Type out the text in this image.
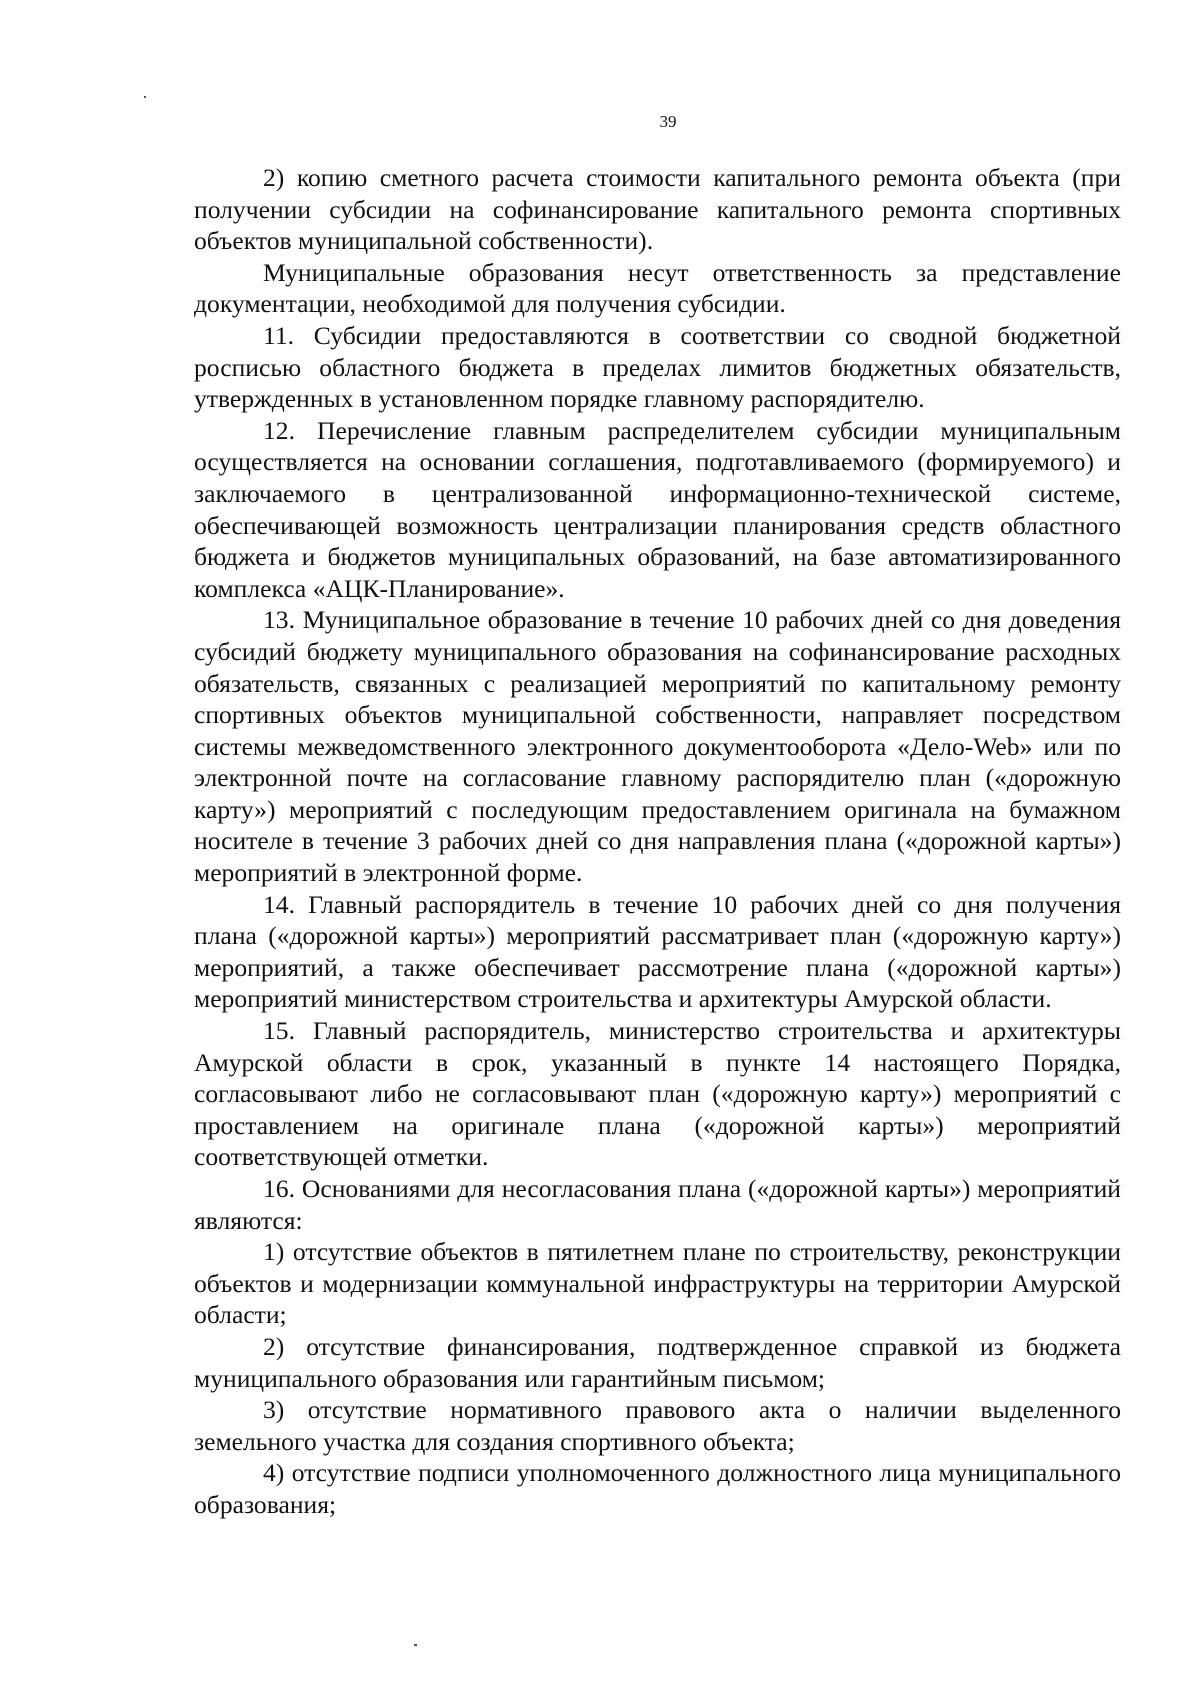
39

2) копию сметного расчета стоимости капитального ремонта объекта (при получении субсидии на софинансирование капитального ремонта спортивных объектов муниципальной собственности).

Муниципальные образования несут ответственность за представление документации, необходимой для получения субсидии.

11. Субсидии предоставляются в соответствии со сводной бюджетной росписью областного бюджета в пределах лимитов бюджетных обязательств, утвержденных в установленном порядке главному распорядителю.

12. Перечисление главным распределителем субсидии муниципальным осуществляется на основании соглашения, подготавливаемого (формируемого) и заключаемого в централизованной информационно-технической системе, обеспечивающей возможность централизации планирования средств областного бюджета и бюджетов муниципальных образований, на базе автоматизированного комплекса «АЦК-Планирование».

13. Муниципальное образование в течение 10 рабочих дней со дня доведения субсидий бюджету муниципального образования на софинансирование расходных обязательств, связанных с реализацией мероприятий по капитальному ремонту спортивных объектов муниципальной собственности, направляет посредством системы межведомственного электронного документооборота «Дело-Web» или по электронной почте на согласование главному распорядителю план («дорожную карту») мероприятий с последующим предоставлением оригинала на бумажном носителе в течение 3 рабочих дней со дня направления плана («дорожной карты») мероприятий в электронной форме.

14. Главный распорядитель в течение 10 рабочих дней со дня получения плана («дорожной карты») мероприятий рассматривает план («дорожную карту») мероприятий, а также обеспечивает рассмотрение плана («дорожной карты») мероприятий министерством строительства и архитектуры Амурской области.

15. Главный распорядитель, министерство строительства и архитектуры Амурской области в срок, указанный в пункте 14 настоящего Порядка, согласовывают либо не согласовывают план («дорожную карту») мероприятий с проставлением на оригинале плана («дорожной карты») мероприятий соответствующей отметки.

16. Основаниями для несогласования плана («дорожной карты») мероприятий являются:

1) отсутствие объектов в пятилетнем плане по строительству, реконструкции объектов и модернизации коммунальной инфраструктуры на территории Амурской области;

2) отсутствие финансирования, подтвержденное справкой из бюджета муниципального образования или гарантийным письмом;

3) отсутствие нормативного правового акта о наличии выделенного земельного участка для создания спортивного объекта;

4) отсутствие подписи уполномоченного должностного лица муниципального образования;
